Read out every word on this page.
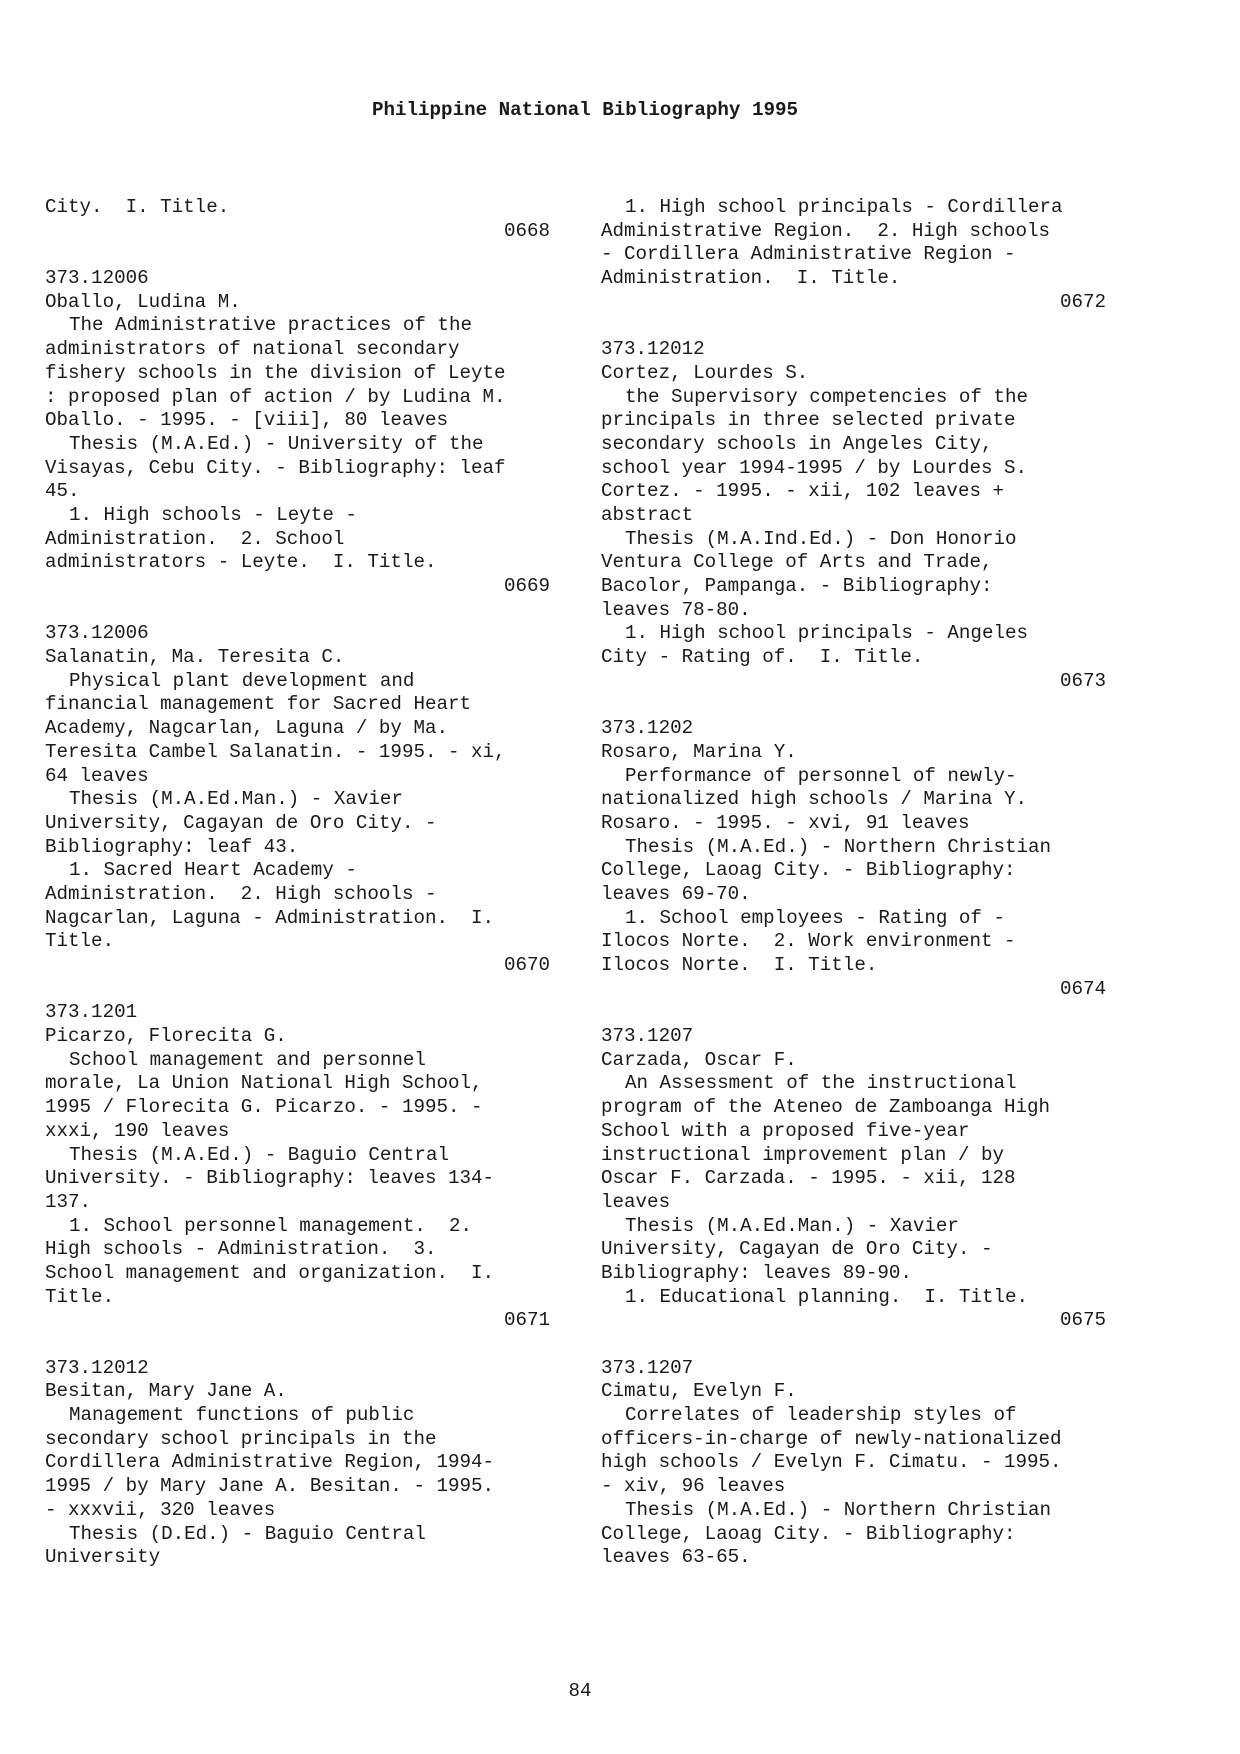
Philippine National Bibliography 1995
City.  I. Title.
0668
373.12006
Oballo, Ludina M.
The Administrative practices of the
administrators of national secondary
fishery schools in the division of Leyte
: proposed plan of action / by Ludina M.
Oballo. - 1995. - [viii], 80 leaves
Thesis (M.A.Ed.) - University of the
Visayas, Cebu City. - Bibliography: leaf
45.
1. High schools - Leyte -
Administration.  2. School
administrators - Leyte.  I. Title.
0669
373.12006
Salanatin, Ma. Teresita C.
Physical plant development and
financial management for Sacred Heart
Academy, Nagcarlan, Laguna / by Ma.
Teresita Cambel Salanatin. - 1995. - xi,
64 leaves
Thesis (M.A.Ed.Man.) - Xavier
University, Cagayan de Oro City. -
Bibliography: leaf 43.
1. Sacred Heart Academy -
Administration.  2. High schools -
Nagcarlan, Laguna - Administration.  I.
Title.
0670
373.1201
Picarzo, Florecita G.
School management and personnel
morale, La Union National High School,
1995 / Florecita G. Picarzo. - 1995. -
xxxi, 190 leaves
Thesis (M.A.Ed.) - Baguio Central
University. - Bibliography: leaves 134-
137.
1. School personnel management.  2.
High schools - Administration.  3.
School management and organization.  I.
Title.
0671
373.12012
Besitan, Mary Jane A.
Management functions of public
secondary school principals in the
Cordillera Administrative Region, 1994-
1995 / by Mary Jane A. Besitan. - 1995.
- xxxvii, 320 leaves
Thesis (D.Ed.) - Baguio Central
University
1. High school principals - Cordillera
Administrative Region.  2. High schools
- Cordillera Administrative Region -
Administration.  I. Title.
0672
373.12012
Cortez, Lourdes S.
the Supervisory competencies of the
principals in three selected private
secondary schools in Angeles City,
school year 1994-1995 / by Lourdes S.
Cortez. - 1995. - xii, 102 leaves +
abstract
Thesis (M.A.Ind.Ed.) - Don Honorio
Ventura College of Arts and Trade,
Bacolor, Pampanga. - Bibliography:
leaves 78-80.
1. High school principals - Angeles
City - Rating of.  I. Title.
0673
373.1202
Rosaro, Marina Y.
Performance of personnel of newly-
nationalized high schools / Marina Y.
Rosaro. - 1995. - xvi, 91 leaves
Thesis (M.A.Ed.) - Northern Christian
College, Laoag City. - Bibliography:
leaves 69-70.
1. School employees - Rating of -
Ilocos Norte.  2. Work environment -
Ilocos Norte.  I. Title.
0674
373.1207
Carzada, Oscar F.
An Assessment of the instructional
program of the Ateneo de Zamboanga High
School with a proposed five-year
instructional improvement plan / by
Oscar F. Carzada. - 1995. - xii, 128
leaves
Thesis (M.A.Ed.Man.) - Xavier
University, Cagayan de Oro City. -
Bibliography: leaves 89-90.
1. Educational planning.  I. Title.
0675
373.1207
Cimatu, Evelyn F.
Correlates of leadership styles of
officers-in-charge of newly-nationalized
high schools / Evelyn F. Cimatu. - 1995.
- xiv, 96 leaves
Thesis (M.A.Ed.) - Northern Christian
College, Laoag City. - Bibliography:
leaves 63-65.
84
